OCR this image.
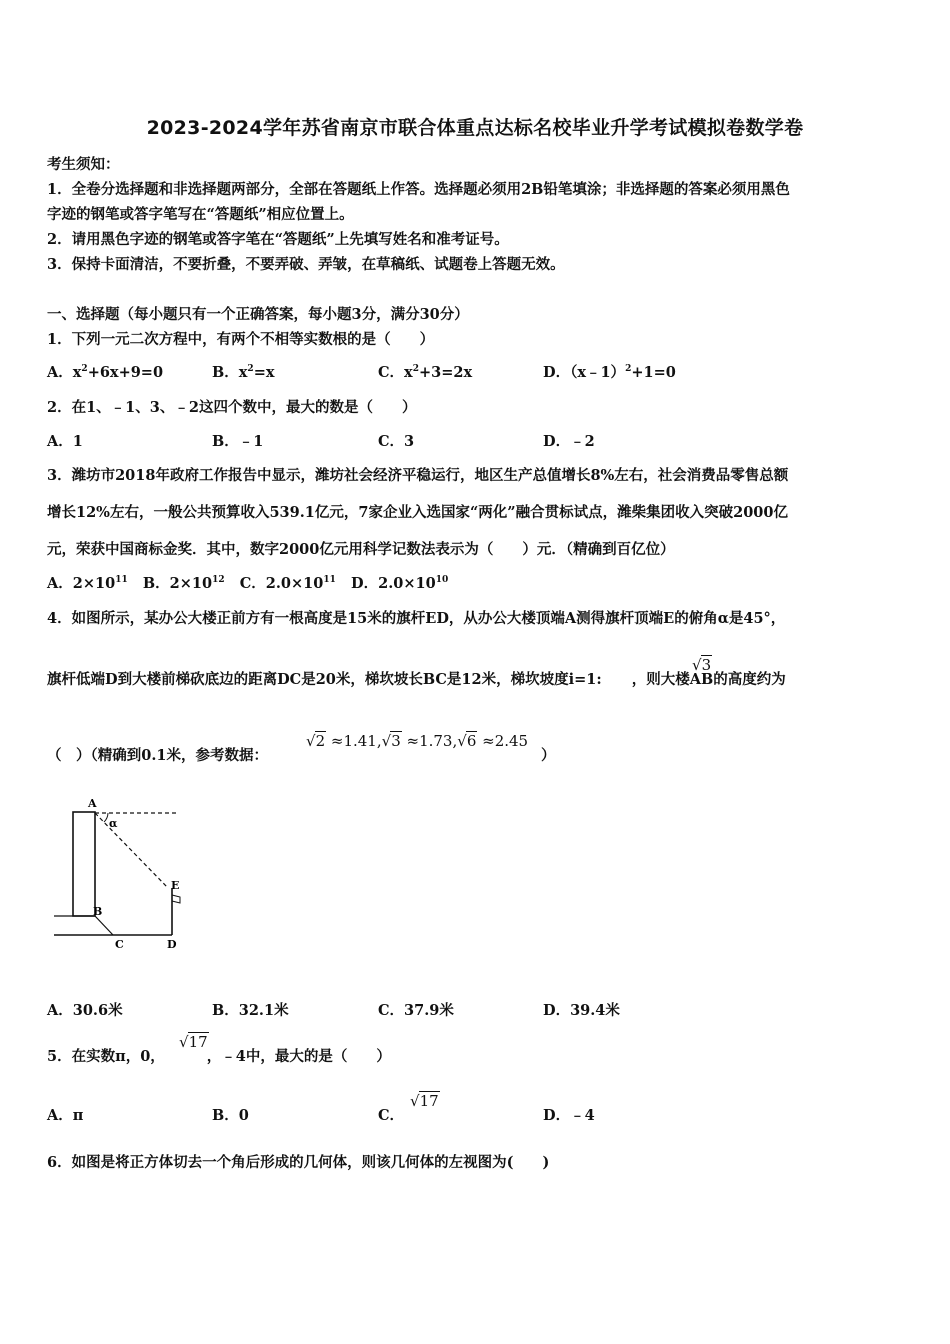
2023-2024学年苏省南京市联合体重点达标名校毕业升学考试模拟卷数学卷
考生须知：
1．全卷分选择题和非选择题两部分，全部在答题纸上作答。选择题必须用2B铅笔填涂；非选择题的答案必须用黑色
字迹的钢笔或答字笔写在“答题纸”相应位置上。
2．请用黑色字迹的钢笔或答字笔在“答题纸”上先填写姓名和准考证号。
3．保持卡面清洁，不要折叠，不要弄破、弄皱，在草稿纸、试题卷上答题无效。
一、选择题（每小题只有一个正确答案，每小题3分，满分30分）
1．下列一元二次方程中，有两个不相等实数根的是（　　）
A．$x^2+6x+9=0$	B．$x^2=x$	C．$x^2+3=2x$	D．（x﹣1）$^2$+1=0
2．在1、﹣1、3、﹣2这四个数中，最大的数是（　　）
A．1	B．﹣1	C．3	D．﹣2
3．潍坊市2018年政府工作报告中显示，潍坊社会经济平稳运行，地区生产总值增长8%左右，社会消费品零售总额
增长12%左右，一般公共预算收入539.1亿元，7家企业入选国家“两化”融合贯标试点，潍柴集团收入突破2000亿
元，荣获中国商标金奖．其中，数字2000亿元用科学记数法表示为（　　）元．（精确到百亿位）
A．$2\times 10^{11}$ B．$2\times 10^{12}$ C．$2.0\times 10^{11}$ D．$2.0\times 10^{10}$
4．如图所示，某办公大楼正前方有一根高度是15米的旗杆ED，从办公大楼顶端A测得旗杆顶端E的俯角α是45°，
旗杆低端D到大楼前梯砍底边的距离DC是20米，梯坎坡长BC是12米，梯坎坡度i=1: ，则大楼AB的高度约为
√3
（　）（精确到0.1米，参考数据：
√2 ≈1.41,√3 ≈1.73,√6 ≈2.45
）
A
α
E
B
C	D
A．30.6米	B．32.1米	C．37.9米	D．39.4米
5．在实数π，0，	，﹣4中，最大的是（　　）
√17
A．π	B．0	C．
√17
D．﹣4
6．如图是将正方体切去一个角后形成的几何体，则该几何体的左视图为(　　)
